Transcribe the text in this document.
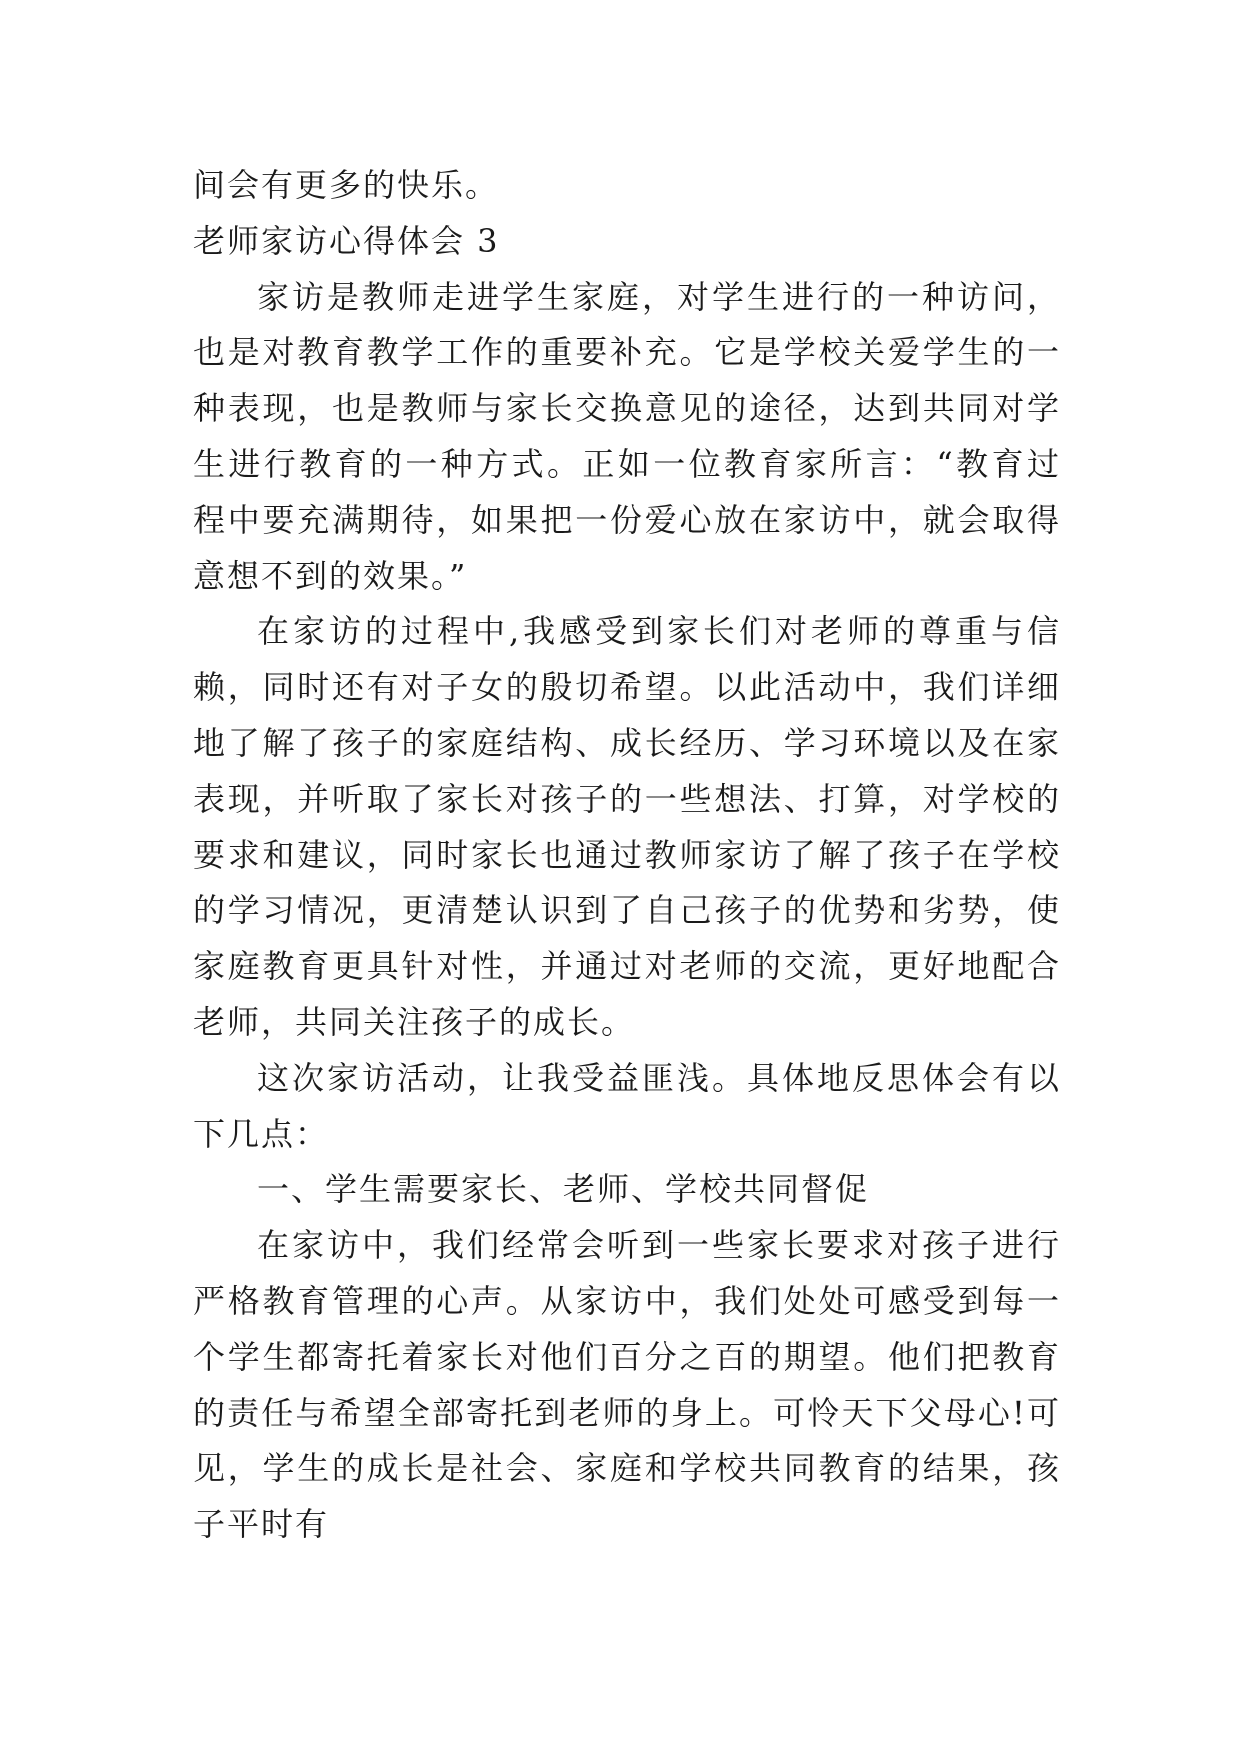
间会有更多的快乐。

老师家访心得体会 3

家访是教师走进学生家庭，对学生进行的一种访问，也是对教育教学工作的重要补充。它是学校关爱学生的一种表现，也是教师与家长交换意见的途径，达到共同对学生进行教育的一种方式。正如一位教育家所言：“教育过程中要充满期待，如果把一份爱心放在家访中，就会取得意想不到的效果。”

在家访的过程中,我感受到家长们对老师的尊重与信赖，同时还有对子女的殷切希望。以此活动中，我们详细地了解了孩子的家庭结构、成长经历、学习环境以及在家表现，并听取了家长对孩子的一些想法、打算，对学校的要求和建议，同时家长也通过教师家访了解了孩子在学校的学习情况，更清楚认识到了自己孩子的优势和劣势，使家庭教育更具针对性，并通过对老师的交流，更好地配合老师，共同关注孩子的成长。

这次家访活动，让我受益匪浅。具体地反思体会有以下几点：

一、学生需要家长、老师、学校共同督促

在家访中，我们经常会听到一些家长要求对孩子进行严格教育管理的心声。从家访中，我们处处可感受到每一个学生都寄托着家长对他们百分之百的期望。他们把教育的责任与希望全部寄托到老师的身上。可怜天下父母心!可见，学生的成长是社会、家庭和学校共同教育的结果，孩子平时有
